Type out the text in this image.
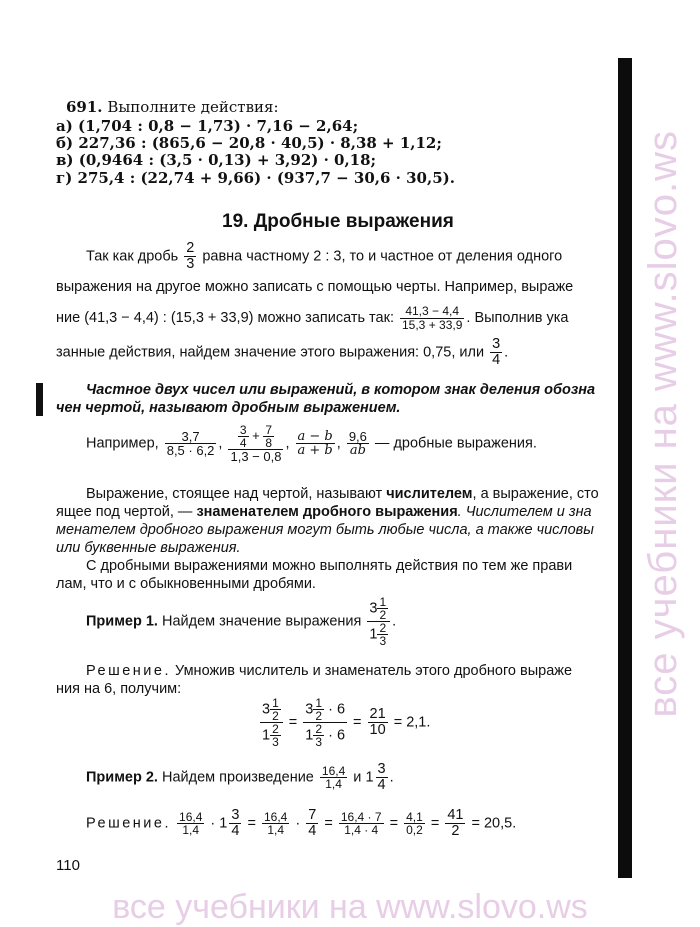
все учебники на www.slovo.ws
691. Выполните действия:
а) (1,704 : 0,8 − 1,73) · 7,16 − 2,64;
б) 227,36 : (865,6 − 20,8 · 40,5) · 8,38 + 1,12;
в) (0,9464 : (3,5 · 0,13) + 3,92) · 0,18;
г) 275,4 : (22,74 + 9,66) · (937,7 − 30,6 · 30,5).
19. Дробные выражения
Так как дробь $\frac{2}{3}$ равна частному 2 : 3, то и частное от деления одного
выражения на другое можно записать с помощью черты. Например, выраже
ние (41,3 − 4,4) : (15,3 + 33,9) можно записать так: $\frac{41,3 - 4,4}{15,3 + 33,9}$ . Выполнив ука
занные действия, найдем значение этого выражения: 0,75, или $\frac{3}{4}$ .
Частное двух чисел или выражений, в котором знак деления обозна
чен чертой, называют дробным выражением.
Например, $\frac{3,7}{8,5 \cdot 6,2}$ , $\frac{\frac{3}{4} + \frac{7}{8}}{1,3 - 0,8}$ , $\frac{a - b}{a + b}$ , $\frac{9,6}{ab}$ — дробные выражения.
Выражение, стоящее над чертой, называют числителем, а выражение, сто
ящее под чертой, — знаменателем дробного выражения. Числителем и зна
менателем дробного выражения могут быть любые числа, а также числовы
или буквенные выражения.
С дробными выражениями можно выполнять действия по тем же прави
лам, что и с обыкновенными дробями.
Пример 1. Найдем значение выражения $\frac{3 \frac{1}{2}}{1 \frac{2}{3}}$ .
Решение. Умножив числитель и знаменатель этого дробного выраже
ния на 6, получим:
$\frac{3 \frac{1}{2}}{1 \frac{2}{3}} = \frac{3 \frac{1}{2} \cdot 6}{1 \frac{2}{3} \cdot 6} = \frac{21}{10} = 2,1$.
Пример 2. Найдем произведение $\frac{16,4}{1,4}$ и $1 \frac{3}{4}$ .
Решение. $\frac{16,4}{1,4} \cdot 1 \frac{3}{4} = \frac{16,4}{1,4} \cdot \frac{7}{4} = \frac{16,4 \cdot 7}{1,4 \cdot 4} = \frac{4,1}{0,2} = \frac{41}{2} = 20,5$.
110
все учебники на www.slovo.ws
